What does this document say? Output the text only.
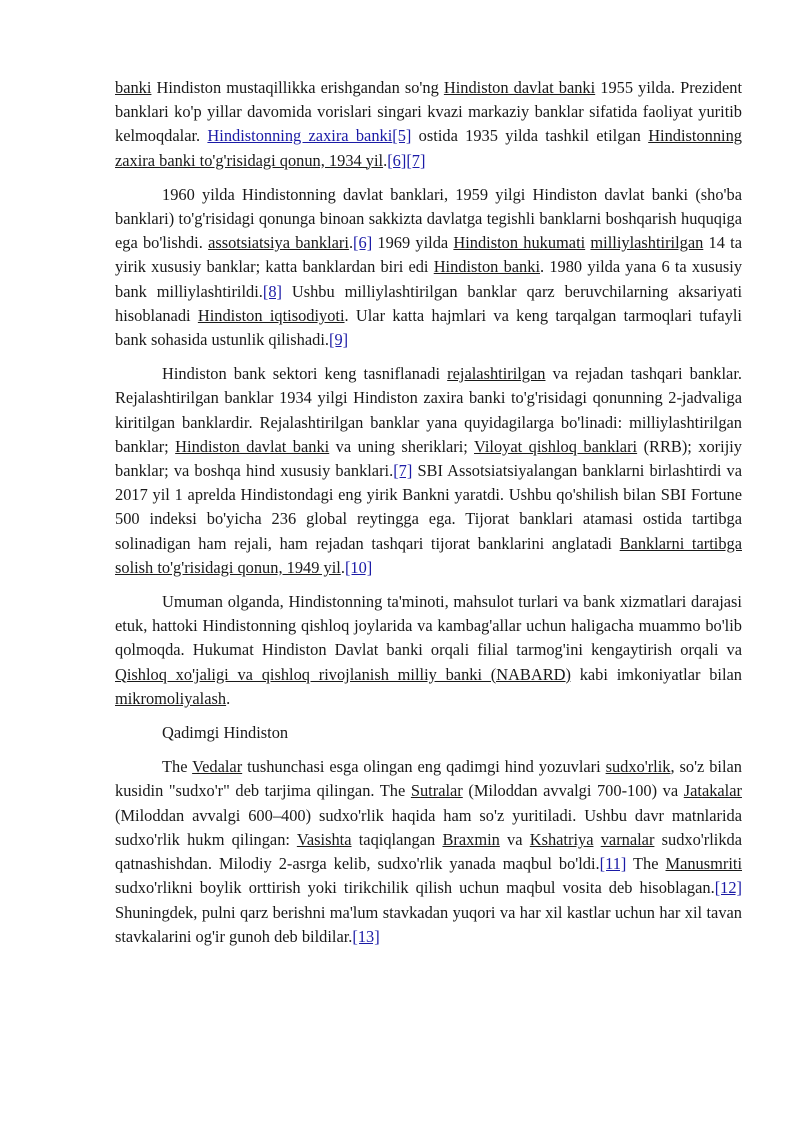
banki Hindiston mustaqillikka erishgandan so'ng Hindiston davlat banki 1955 yilda. Prezident banklari ko'p yillar davomida vorislari singari kvazi markaziy banklar sifatida faoliyat yuritib kelmoqdalar. Hindistonning zaxira banki[5] ostida 1935 yilda tashkil etilgan Hindistonning zaxira banki to'g'risidagi qonun, 1934 yil.[6][7]

1960 yilda Hindistonning davlat banklari, 1959 yilgi Hindiston davlat banki (sho'ba banklari) to'g'risidagi qonunga binoan sakkizta davlatga tegishli banklarni boshqarish huquqiga ega bo'lishdi. assotsiatsiya banklari.[6] 1969 yilda Hindiston hukumati milliylashtirilgan 14 ta yirik xususiy banklar; katta banklardan biri edi Hindiston banki. 1980 yilda yana 6 ta xususiy bank milliylashtirildi.[8] Ushbu milliylashtirilgan banklar qarz beruvchilarning aksariyati hisoblanadi Hindiston iqtisodiyoti. Ular katta hajmlari va keng tarqalgan tarmoqlari tufayli bank sohasida ustunlik qilishadi.[9]

Hindiston bank sektori keng tasniflanadi rejalashtirilgan va rejadan tashqari banklar. Rejalashtirilgan banklar 1934 yilgi Hindiston zaxira banki to'g'risidagi qonunning 2-jadvaliga kiritilgan banklardir. Rejalashtirilgan banklar yana quyidagilarga bo'linadi: milliylashtirilgan banklar; Hindiston davlat banki va uning sheriklari; Viloyat qishloq banklari (RRB); xorijiy banklar; va boshqa hind xususiy banklari.[7] SBI Assotsiatsiyalangan banklarni birlashtirdi va 2017 yil 1 aprelda Hindistondagi eng yirik Bankni yaratdi. Ushbu qo'shilish bilan SBI Fortune 500 indeksi bo'yicha 236 global reytingga ega. Tijorat banklari atamasi ostida tartibga solinadigan ham rejali, ham rejadan tashqari tijorat banklarini anglatadi Banklarni tartibga solish to'g'risidagi qonun, 1949 yil.[10]

Umuman olganda, Hindistonning ta'minoti, mahsulot turlari va bank xizmatlari darajasi etuk, hattoki Hindistonning qishloq joylarida va kambag'allar uchun haligacha muammo bo'lib qolmoqda. Hukumat Hindiston Davlat banki orqali filial tarmog'ini kengaytirish orqali va Qishloq xo'jaligi va qishloq rivojlanish milliy banki (NABARD) kabi imkoniyatlar bilan mikromoliyalash.

Qadimgi Hindiston

The Vedalar tushunchasi esga olingan eng qadimgi hind yozuvlari sudxo'rlik, so'z bilan kusidin "sudxo'r" deb tarjima qilingan. The Sutralar (Miloddan avvalgi 700-100) va Jatakalar (Miloddan avvalgi 600–400) sudxo'rlik haqida ham so'z yuritiladi. Ushbu davr matnlarida sudxo'rlik hukm qilingan: Vasishta taqiqlangan Braxmin va Kshatriya varnalar sudxo'rlikda qatnashishdan. Milodiy 2-asrga kelib, sudxo'rlik yanada maqbul bo'ldi.[11] The Manusmriti sudxo'rlikni boylik orttirish yoki tirikchilik qilish uchun maqbul vosita deb hisoblagan.[12] Shuningdek, pulni qarz berishni ma'lum stavkadan yuqori va har xil kastlar uchun har xil tavan stavkalarini og'ir gunoh deb bildilar.[13]
